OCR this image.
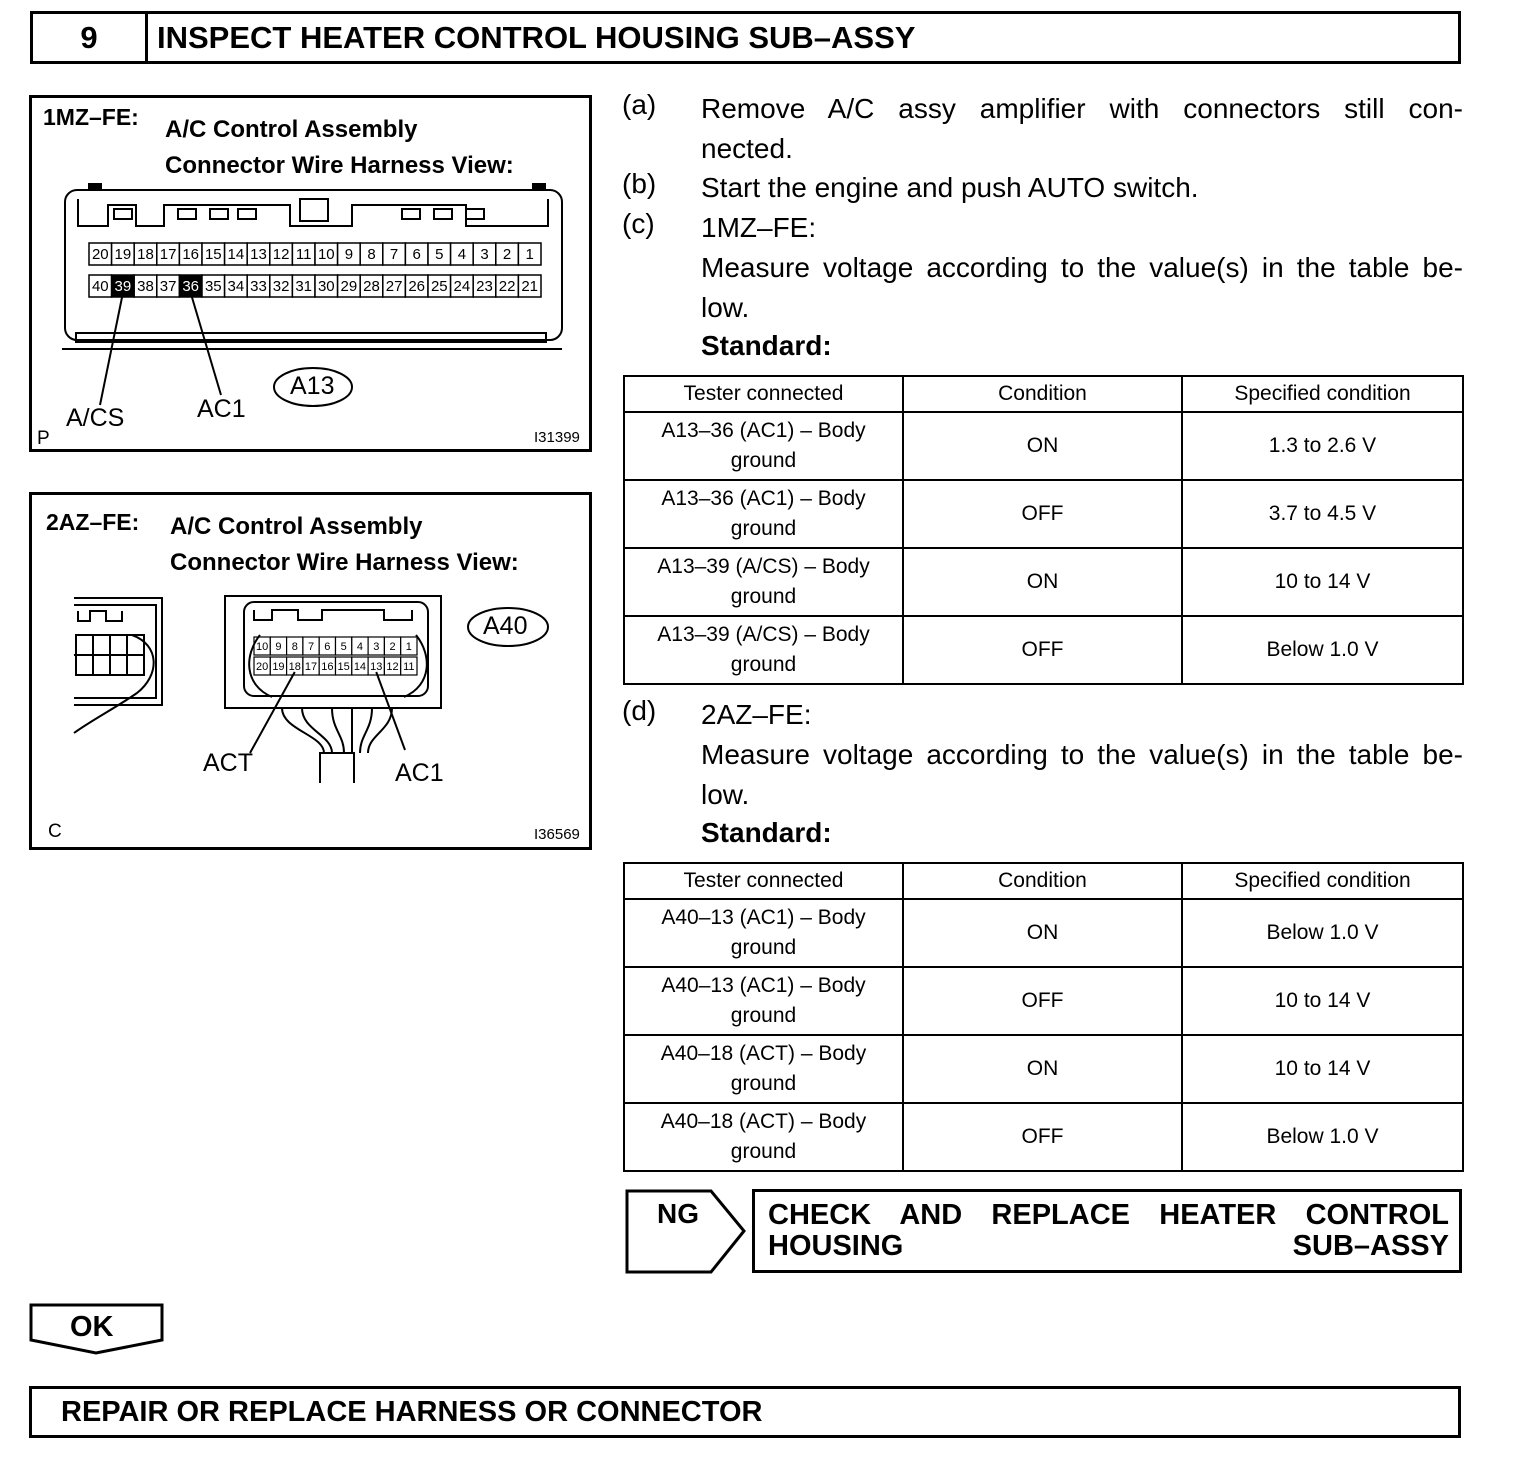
9	INSPECT HEATER CONTROL HOUSING SUB–ASSY
20 19 18 17 16 15 14 13 12 11 10 9 8 7 6 5 4 3 2 1
40 39 38 37 36 35 34 33 32 31 30 29 28 27 26 25 24 23 22 21
1MZ–FE: A/C Control Assembly
Connector Wire Harness View:
A/CS	AC1
A13
P	I31399
10 9 8 7 6 5 4 3 2 1
20 19 18 17 16 15 14 13 12 11
2AZ–FE: A/C Control Assembly
Connector Wire Harness View:
A40
ACT	AC1
C	I36569
(a) Remove A/C assy amplifier with connectors still con-
nected.
(b) Start the engine and push AUTO switch.
(c) 1MZ–FE:
Measure voltage according to the value(s) in the table be-
low.
Standard:
Tester connected	Condition	Specified condition

A13–36 (AC1) – Body
ground	ON	1.3 to 2.6 V

A13–36 (AC1) – Body
ground	OFF	3.7 to 4.5 V

A13–39 (A/CS) – Body
ground	ON	10 to 14 V

A13–39 (A/CS) – Body
ground	OFF	Below 1.0 V
(d) 2AZ–FE:
Measure voltage according to the value(s) in the table be-
low.
Standard:
Tester connected	Condition	Specified condition

A40–13 (AC1) – Body
ground	ON	Below 1.0 V

A40–13 (AC1) – Body
ground	OFF	10 to 14 V

A40–18 (ACT) – Body
ground	ON	10 to 14 V

A40–18 (ACT) – Body
ground	OFF	Below 1.0 V
NG CHECK AND REPLACE HEATER CONTROL HOUSING SUB–ASSY
OK
REPAIR OR REPLACE HARNESS OR CONNECTOR
